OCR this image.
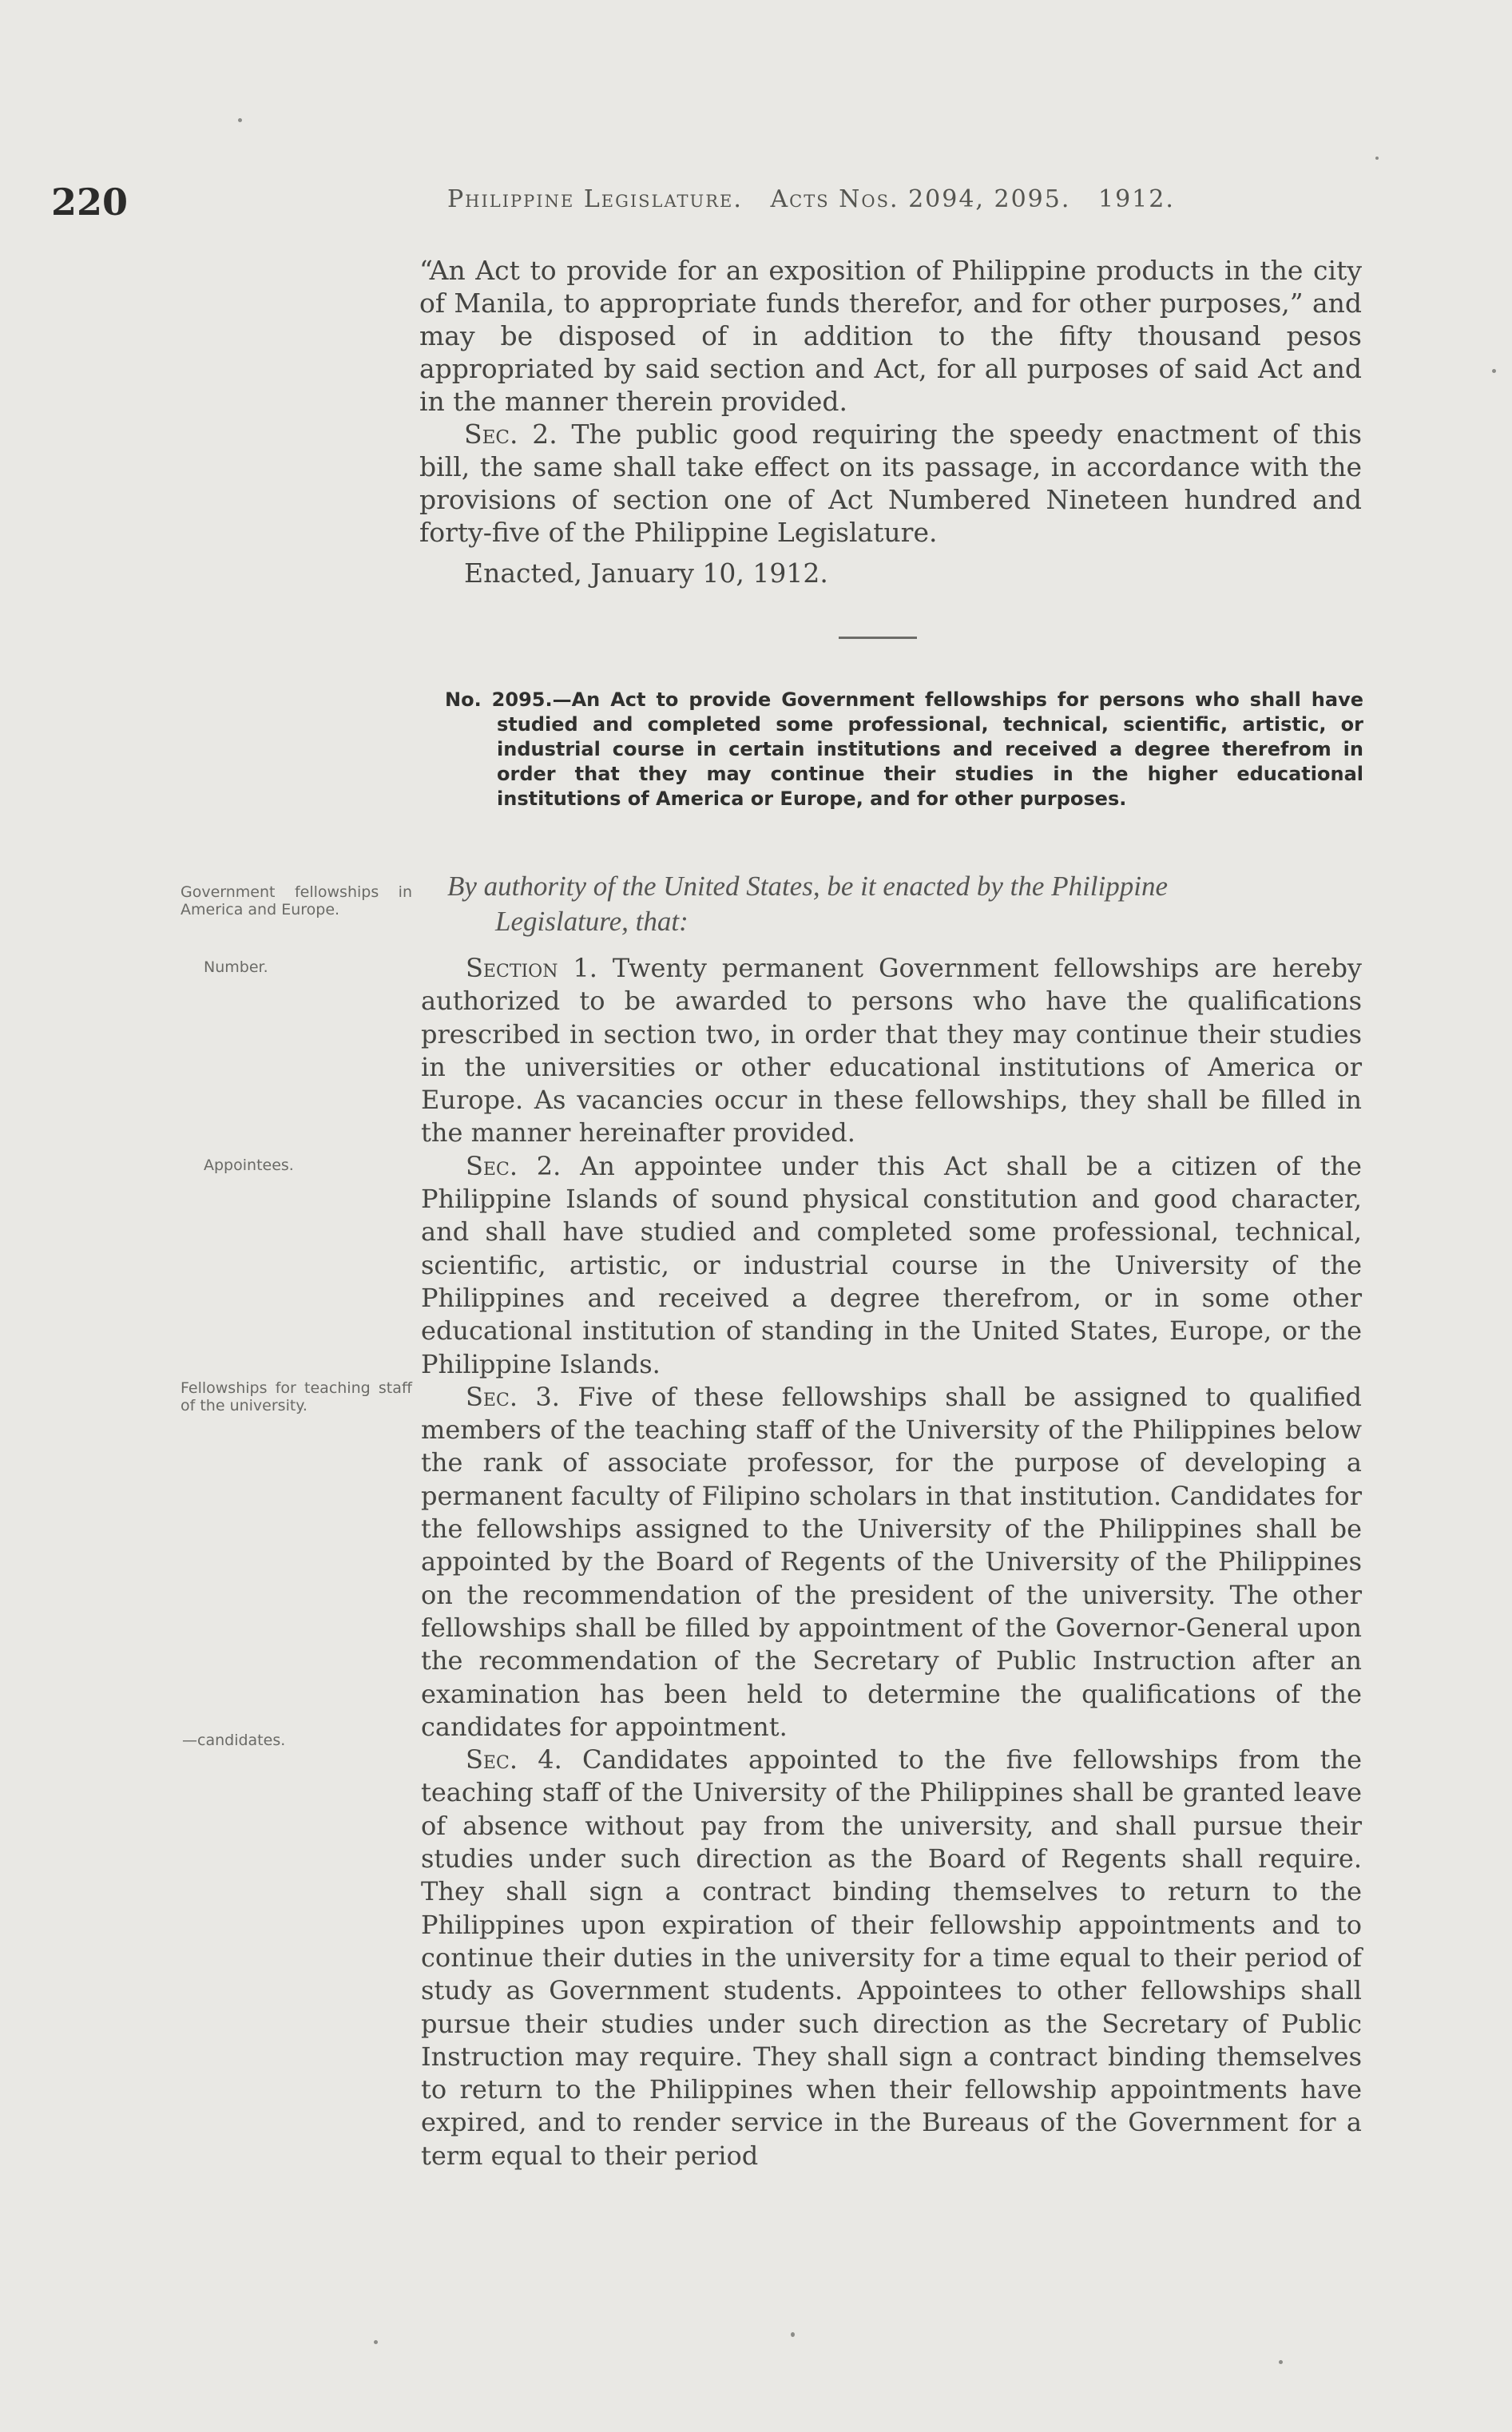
220	Philippine Legislature. Acts Nos. 2094, 2095. 1912.

“An Act to provide for an exposition of Philippine products in the city of Manila, to appropriate funds therefor, and for other purposes,” and may be disposed of in addition to the fifty thousand pesos appropriated by said section and Act, for all purposes of said Act and in the manner therein provided.

Sec. 2. The public good requiring the speedy enactment of this bill, the same shall take effect on its passage, in accordance with the provisions of section one of Act Numbered Nineteen hundred and forty-five of the Philippine Legislature.

Enacted, January 10, 1912.

No. 2095.—An Act to provide Government fellowships for persons who shall have studied and completed some professional, technical, scientific, artistic, or industrial course in certain institutions and received a degree therefrom in order that they may continue their studies in the higher educational institutions of America or Europe, and for other purposes.
By authority of the United States, be it enacted by the Philippine
Legislature, that:

Section 1. Twenty permanent Government fellowships are hereby authorized to be awarded to persons who have the qualifications prescribed in section two, in order that they may continue their studies in the universities or other educational institutions of America or Europe. As vacancies occur in these fellowships, they shall be filled in the manner hereinafter provided.

Sec. 2. An appointee under this Act shall be a citizen of the Philippine Islands of sound physical constitution and good character, and shall have studied and completed some professional, technical, scientific, artistic, or industrial course in the University of the Philippines and received a degree therefrom, or in some other educational institution of standing in the United States, Europe, or the Philippine Islands.

Sec. 3. Five of these fellowships shall be assigned to qualified members of the teaching staff of the University of the Philippines below the rank of associate professor, for the purpose of developing a permanent faculty of Filipino scholars in that institution. Candidates for the fellowships assigned to the University of the Philippines shall be appointed by the Board of Regents of the University of the Philippines on the recommendation of the president of the university. The other fellowships shall be filled by appointment of the Governor-General upon the recommendation of the Secretary of Public Instruction after an examination has been held to determine the qualifications of the candidates for appointment.

Sec. 4. Candidates appointed to the five fellowships from the teaching staff of the University of the Philippines shall be granted leave of absence without pay from the university, and shall pursue their studies under such direction as the Board of Regents shall require. They shall sign a contract binding themselves to return to the Philippines upon expiration of their fellowship appointments and to continue their duties in the university for a time equal to their period of study as Government students. Appointees to other fellowships shall pursue their studies under such direction as the Secretary of Public Instruction may require. They shall sign a contract binding themselves to return to the Philippines when their fellowship appointments have expired, and to render service in the Bureaus of the Government for a term equal to their period

Government fellowships in America and Europe.
Number.
Appointees.
Fellowships for teaching staff of the university.
—candidates.
